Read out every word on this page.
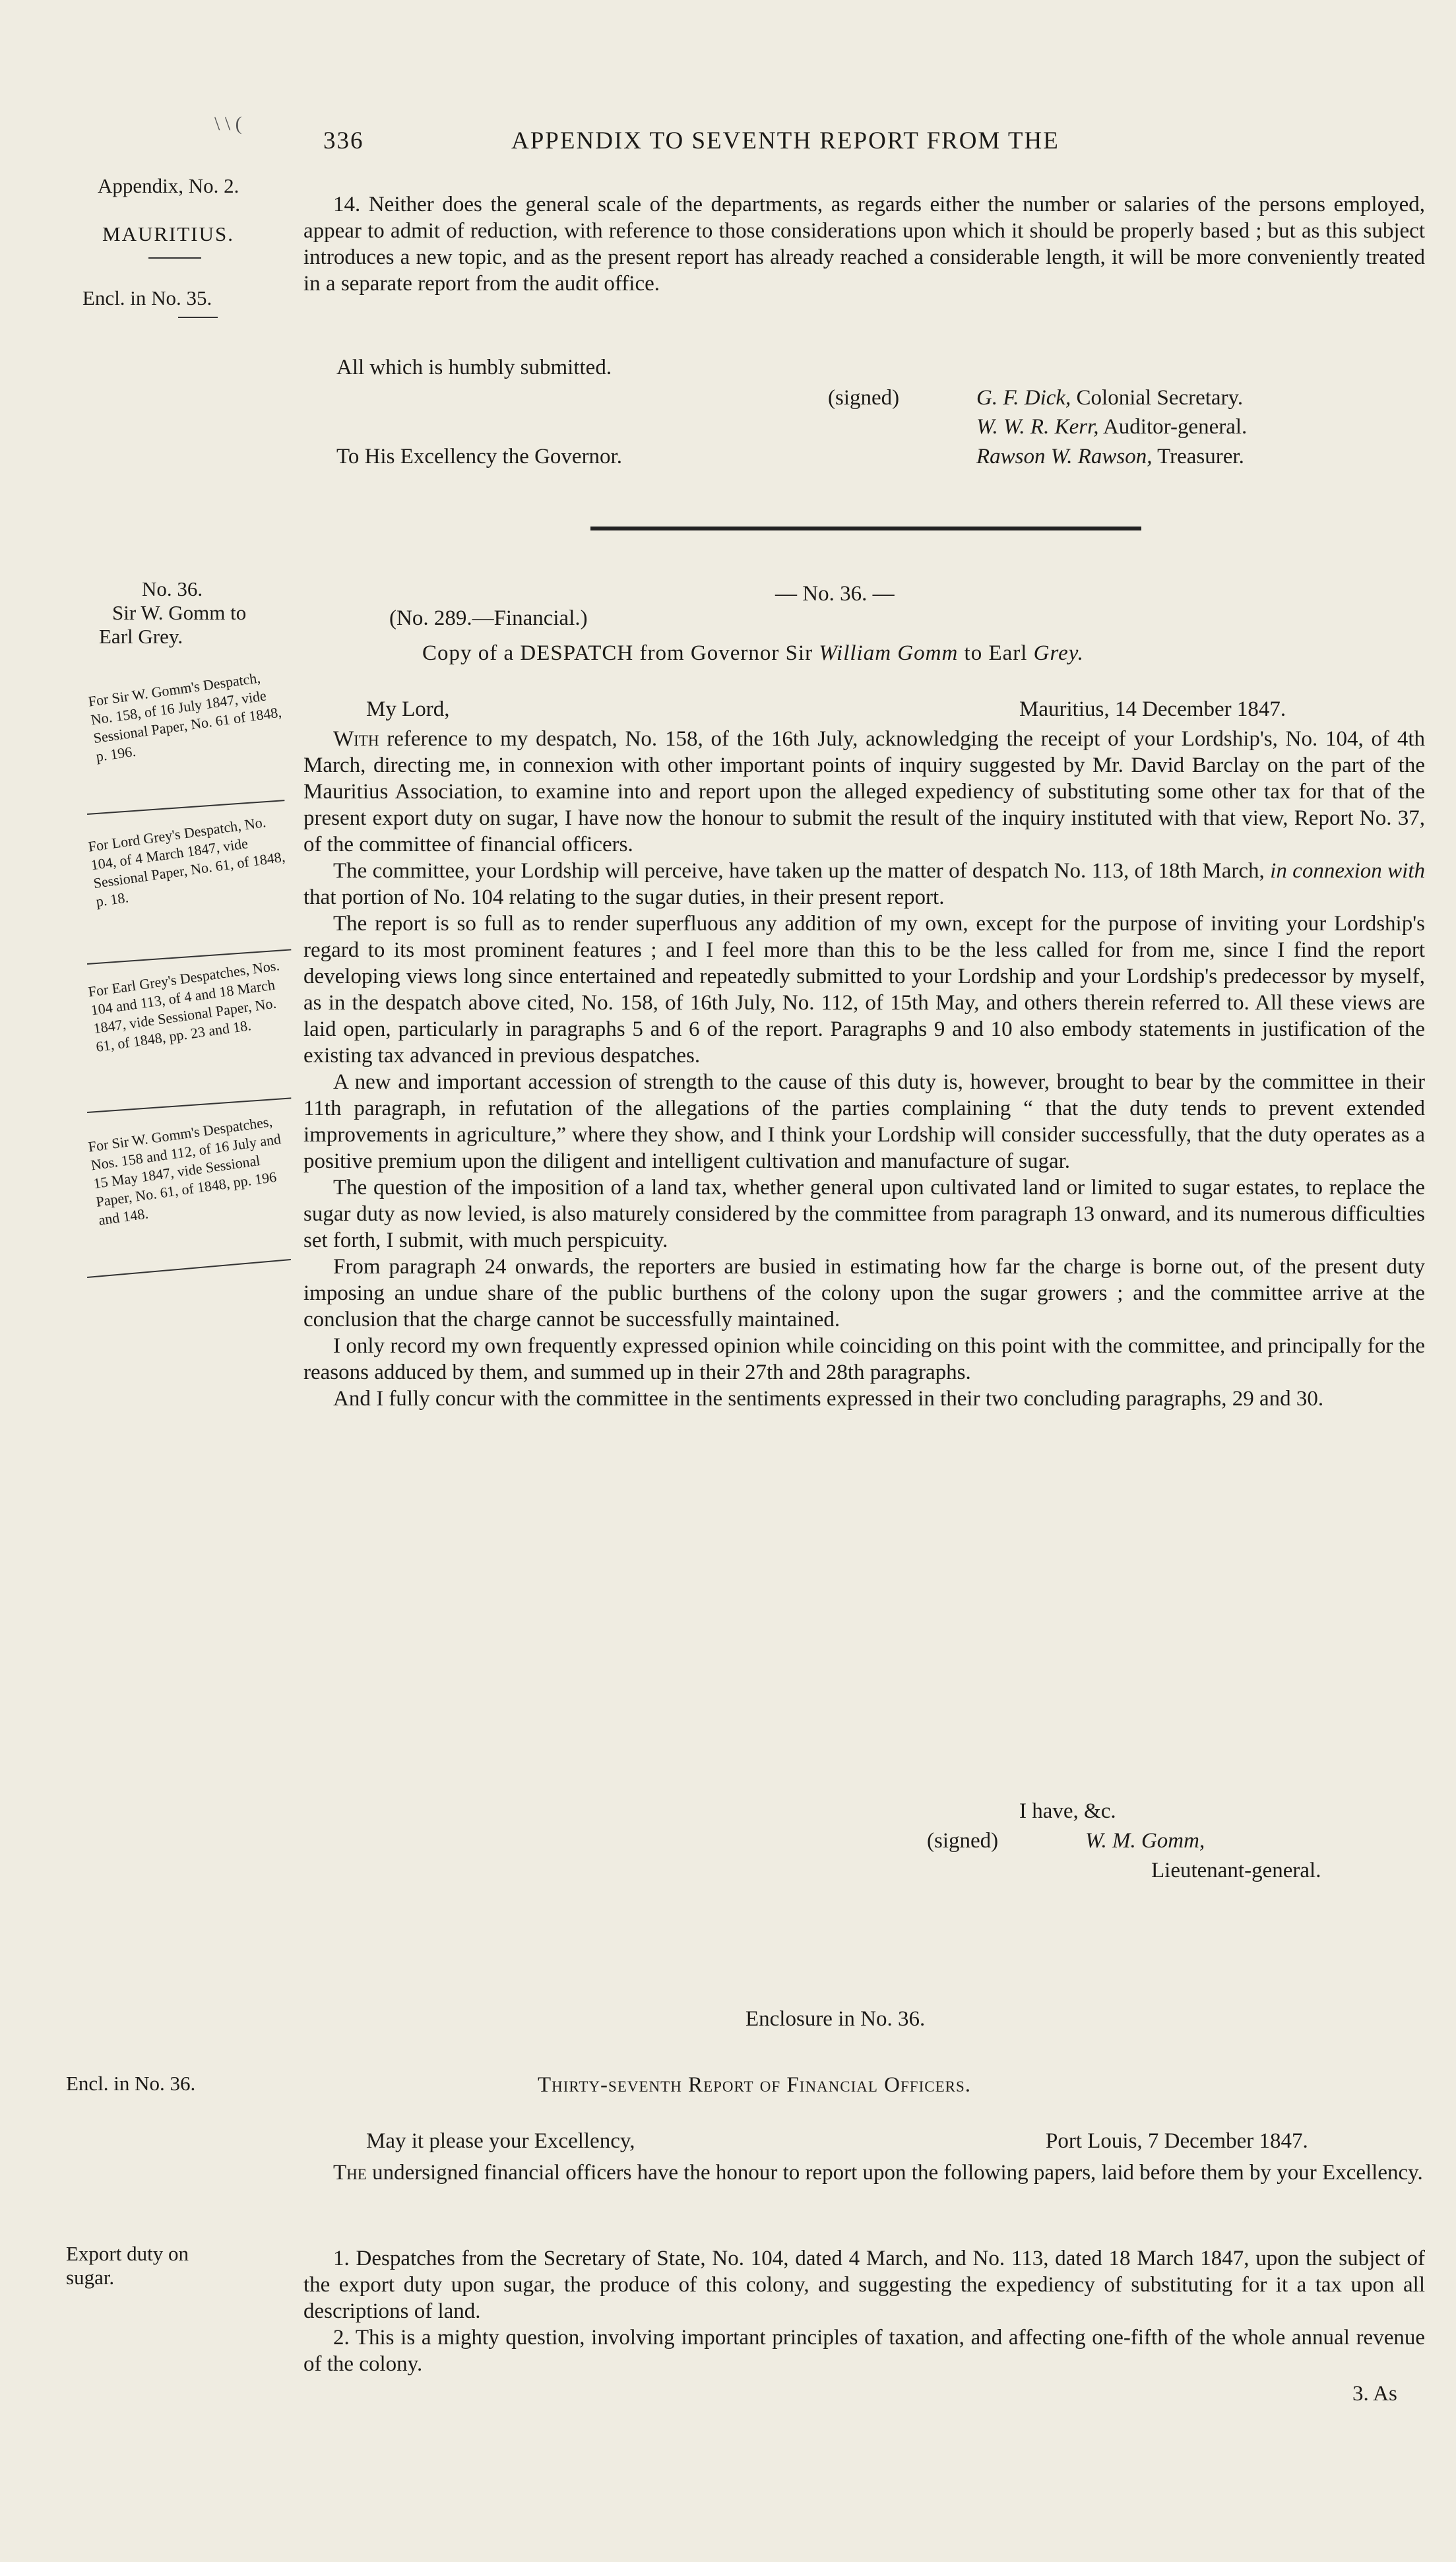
\ \ (
336	APPENDIX TO SEVENTH REPORT FROM THE
Appendix, No. 2.
MAURITIUS.
Encl. in No. 35.

14. Neither does the general scale of the departments, as regards either the number or salaries of the persons employed, appear to admit of reduction, with reference to those considerations upon which it should be properly based ; but as this subject introduces a new topic, and as the present report has already reached a considerable length, it will be more conveniently treated in a separate report from the audit office.

All which is humbly submitted.
(signed)	G. F. Dick, Colonial Secretary.
W. W. R. Kerr, Auditor-general.
Rawson W. Rawson, Treasurer.
To His Excellency the Governor.
No. 36.
Sir W. Gomm to
Earl Grey.
— No. 36. —
(No. 289.—Financial.)
Copy of a DESPATCH from Governor Sir William Gomm to Earl Grey.
My Lord,	Mauritius, 14 December 1847.

With reference to my despatch, No. 158, of the 16th July, acknowledging the receipt of your Lordship's, No. 104, of 4th March, directing me, in connexion with other important points of inquiry suggested by Mr. David Barclay on the part of the Mauritius Association, to examine into and report upon the alleged expediency of substituting some other tax for that of the present export duty on sugar, I have now the honour to submit the result of the inquiry instituted with that view, Report No. 37, of the committee of financial officers.

The committee, your Lordship will perceive, have taken up the matter of despatch No. 113, of 18th March, in connexion with that portion of No. 104 relating to the sugar duties, in their present report.

The report is so full as to render superfluous any addition of my own, except for the purpose of inviting your Lordship's regard to its most prominent features ; and I feel more than this to be the less called for from me, since I find the report developing views long since entertained and repeatedly submitted to your Lordship and your Lordship's predecessor by myself, as in the despatch above cited, No. 158, of 16th July, No. 112, of 15th May, and others therein referred to. All these views are laid open, particularly in paragraphs 5 and 6 of the report. Paragraphs 9 and 10 also embody statements in justification of the existing tax advanced in previous despatches.

A new and important accession of strength to the cause of this duty is, however, brought to bear by the committee in their 11th paragraph, in refutation of the allegations of the parties complaining “ that the duty tends to prevent extended improvements in agriculture,” where they show, and I think your Lordship will consider successfully, that the duty operates as a positive premium upon the diligent and intelligent cultivation and manufacture of sugar.

The question of the imposition of a land tax, whether general upon cultivated land or limited to sugar estates, to replace the sugar duty as now levied, is also maturely considered by the committee from paragraph 13 onward, and its numerous difficulties set forth, I submit, with much perspicuity.

From paragraph 24 onwards, the reporters are busied in estimating how far the charge is borne out, of the present duty imposing an undue share of the public burthens of the colony upon the sugar growers ; and the committee arrive at the conclusion that the charge cannot be successfully maintained.

I only record my own frequently expressed opinion while coinciding on this point with the committee, and principally for the reasons adduced by them, and summed up in their 27th and 28th paragraphs.

And I fully concur with the committee in the sentiments expressed in their two concluding paragraphs, 29 and 30.

I have, &c.
(signed)	W. M. Gomm,
Lieutenant-general.
For Sir W. Gomm's Despatch, No. 158, of 16 July 1847, vide Sessional Paper, No. 61 of 1848, p. 196.
For Lord Grey's Despatch, No. 104, of 4 March 1847, vide Sessional Paper, No. 61, of 1848, p. 18.
For Earl Grey's Despatches, Nos. 104 and 113, of 4 and 18 March 1847, vide Sessional Paper, No. 61, of 1848, pp. 23 and 18.
For Sir W. Gomm's Despatches, Nos. 158 and 112, of 16 July and 15 May 1847, vide Sessional Paper, No. 61, of 1848, pp. 196 and 148.
Enclosure in No. 36.
Encl. in No. 36.	Thirty-seventh Report of Financial Officers.
May it please your Excellency,	Port Louis, 7 December 1847.

The undersigned financial officers have the honour to report upon the following papers, laid before them by your Excellency.

Export duty on
sugar.

1. Despatches from the Secretary of State, No. 104, dated 4 March, and No. 113, dated 18 March 1847, upon the subject of the export duty upon sugar, the produce of this colony, and suggesting the expediency of substituting for it a tax upon all descriptions of land.

2. This is a mighty question, involving important principles of taxation, and affecting one-fifth of the whole annual revenue of the colony.

3. As
